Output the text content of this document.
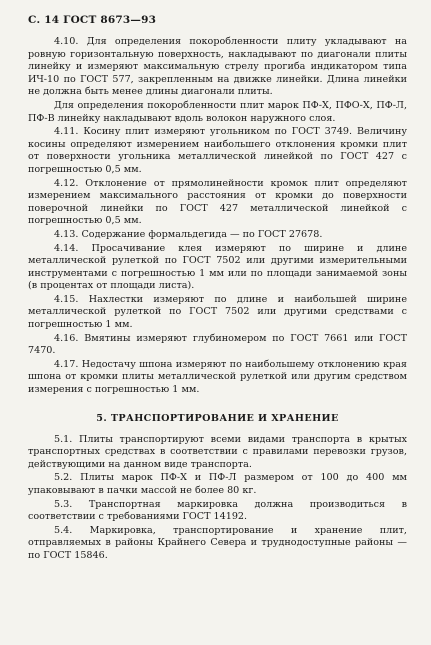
С. 14 ГОСТ 8673—93

4.10. Для определения покоробленности плиту укладывают на ровную горизонтальную поверхность, накладывают по диагонали плиты линейку и измеряют максимальную стрелу прогиба индикатором типа ИЧ-10 по ГОСТ 577, закрепленным на движке линейки. Длина линейки не должна быть менее длины диагонали плиты.

Для определения покоробленности плит марок ПФ-Х, ПФО-Х, ПФ-Л, ПФ-В линейку накладывают вдоль волокон наружного слоя.

4.11. Косину плит измеряют угольником по ГОСТ 3749. Величину косины определяют измерением наибольшего отклонения кромки плит от поверхности угольника металлической линейкой по ГОСТ 427 с погрешностью 0,5 мм.

4.12. Отклонение от прямолинейности кромок плит определяют измерением максимального расстояния от кромки до поверхности поверочной линейки по ГОСТ 427 металлической линейкой с погрешностью 0,5 мм.

4.13. Содержание формальдегида — по ГОСТ 27678.

4.14. Просачивание клея измеряют по ширине и длине металлической рулеткой по ГОСТ 7502 или другими измерительными инструментами с погрешностью 1 мм или по площади занимаемой зоны (в процентах от площади листа).

4.15. Нахлестки измеряют по длине и наибольшей ширине металлической рулеткой по ГОСТ 7502 или другими средствами с погрешностью 1 мм.

4.16. Вмятины измеряют глубиномером по ГОСТ 7661 или ГОСТ 7470.

4.17. Недостачу шпона измеряют по наибольшему отклонению края шпона от кромки плиты металлической рулеткой или другим средством измерения с погрешностью 1 мм.

5. ТРАНСПОРТИРОВАНИЕ И ХРАНЕНИЕ

5.1. Плиты транспортируют всеми видами транспорта в крытых транспортных средствах в соответствии с правилами перевозки грузов, действующими на данном виде транспорта.

5.2. Плиты марок ПФ-Х и ПФ-Л размером от 100 до 400 мм упаковывают в пачки массой не более 80 кг.

5.3. Транспортная маркировка должна производиться в соответствии с требованиями ГОСТ 14192.

5.4. Маркировка, транспортирование и хранение плит, отправляемых в районы Крайнего Севера и труднодоступные районы — по ГОСТ 15846.
